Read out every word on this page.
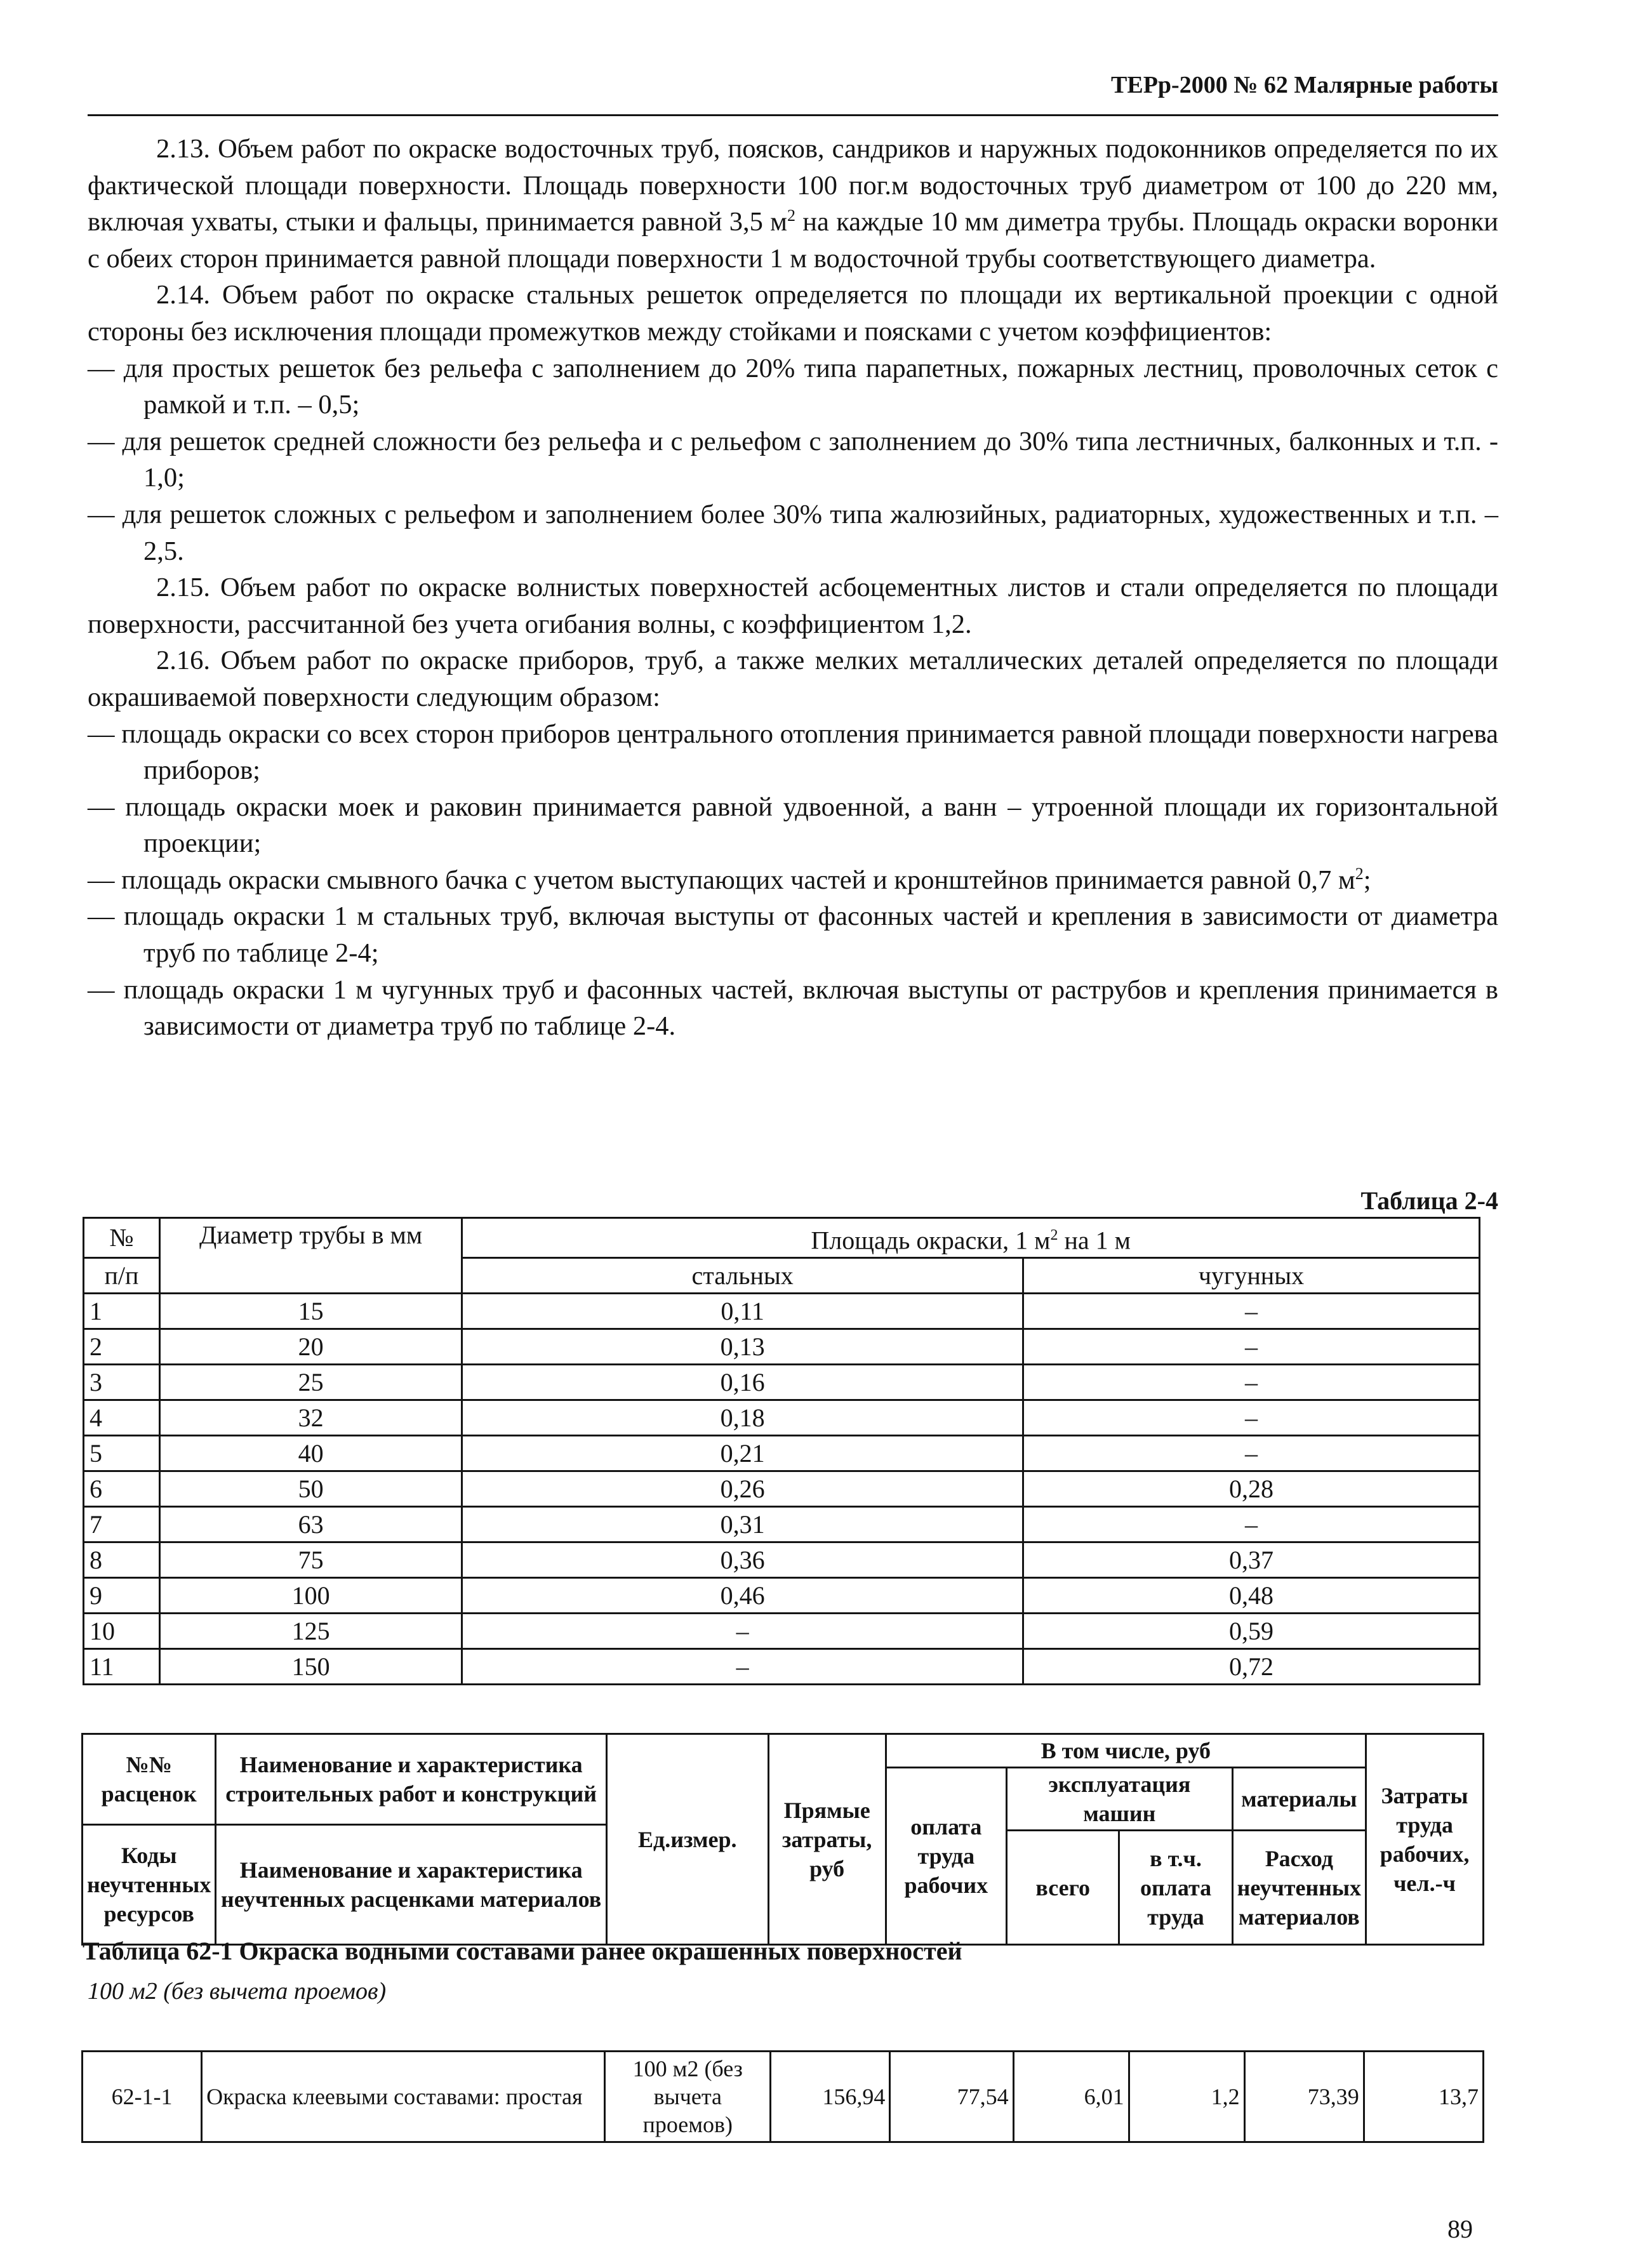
ТЕРр-2000 № 62 Малярные работы

2.13. Объем работ по окраске водосточных труб, поясков, сандриков и наружных подоконников определяется по их фактической площади поверхности. Площадь поверхности 100 пог.м водосточных труб диаметром от 100 до 220 мм, включая ухваты, стыки и фальцы, принимается равной 3,5 $м^2$ на каждые 10 мм диметра трубы. Площадь окраски воронки с обеих сторон принимается равной площади поверхности 1 м водосточной трубы соответствующего диаметра.

2.14. Объем работ по окраске стальных решеток определяется по площади их вертикальной проекции с одной стороны без исключения площади промежутков между стойками и поясками с учетом коэффициентов:

— для простых решеток без рельефа с заполнением до 20% типа парапетных, пожарных лестниц, проволочных сеток с рамкой и т.п. – 0,5;

— для решеток средней сложности без рельефа и с рельефом с заполнением до 30% типа лестничных, балконных и т.п. - 1,0;

— для решеток сложных с рельефом и заполнением более 30% типа жалюзийных, радиаторных, художественных и т.п. – 2,5.

2.15. Объем работ по окраске волнистых поверхностей асбоцементных листов и стали определяется по площади поверхности, рассчитанной без учета огибания волны, с коэффициентом 1,2.

2.16. Объем работ по окраске приборов, труб, а также мелких металлических деталей определяется по площади окрашиваемой поверхности следующим образом:

— площадь окраски со всех сторон приборов центрального отопления принимается равной площади поверхности нагрева приборов;

— площадь окраски моек и раковин принимается равной удвоенной, а ванн – утроенной площади их горизонтальной проекции;

— площадь окраски смывного бачка с учетом выступающих частей и кронштейнов принимается равной 0,7 $м^2$;

— площадь окраски 1 м стальных труб, включая выступы от фасонных частей и крепления в зависимости от диаметра труб по таблице 2-4;

— площадь окраски 1 м чугунных труб и фасонных частей, включая выступы от раструбов и крепления принимается в зависимости от диаметра труб по таблице 2-4.

Таблица 2-4
№	Диаметр трубы в мм	Площадь окраски, 1 $м^2$ на 1 м	
п/п		стальных	чугунных
1	15	0,11	–
2	20	0,13	–
3	25	0,16	–
4	32	0,18	–
5	40	0,21	–
6	50	0,26	0,28
7	63	0,31	–
8	75	0,36	0,37
9	100	0,46	0,48
10	125	–	0,59
11	150	–	0,72
№№ расценок	Наименование и характеристика строительных работ и конструкций	Ед.измер.	Прямые затраты, руб	В том числе, руб				Затраты труда рабочих, чел.-ч
				оплата труда рабочих	эксплуатация машин		материалы	
Коды неучтенных ресурсов	Наименование и характеристика неучтенных расценками материалов							
					всего	в т.ч. оплата труда	Расход неучтенных материалов	

Таблица 62-1 Окраска водными составами ранее окрашенных поверхностей
100 м2 (без вычета проемов)
62-1-1	Окраска клеевыми составами: простая	100 м2 (без вычета проемов)	156,94	77,54	6,01	1,2	73,39	13,7
89
